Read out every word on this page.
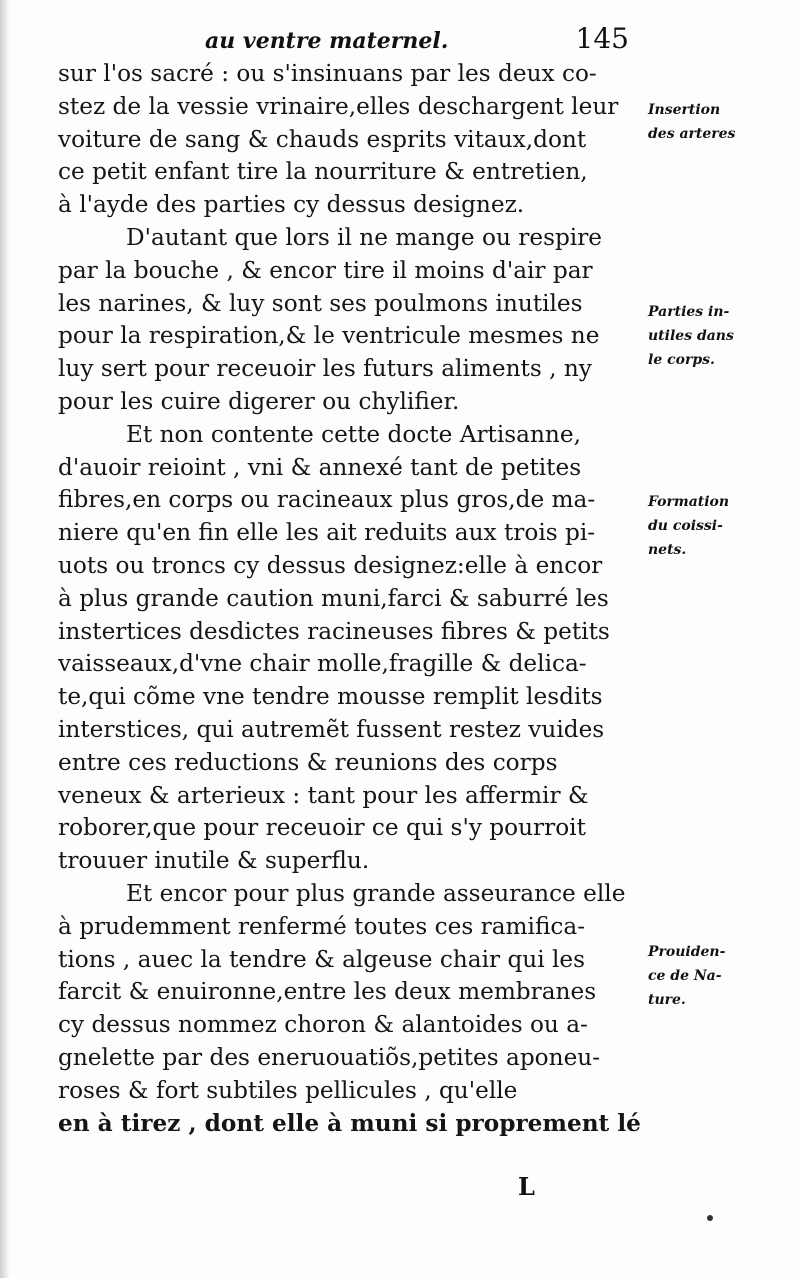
au ventre maternel.	145
sur l'os sacré : ou s'insinuans par les deux co-
stez de la vessie vrinaire,elles deschargent leur
voiture de sang & chauds esprits vitaux,dont
ce petit enfant tire la nourriture & entretien,
à l'ayde des parties cy dessus designez.
D'autant que lors il ne mange ou respire
par la bouche , & encor tire il moins d'air par
les narines, & luy sont ses poulmons inutiles
pour la respiration,& le ventricule mesmes ne
luy sert pour receuoir les futurs aliments , ny
pour les cuire digerer ou chylifier.
Et non contente cette docte Artisanne,
d'auoir reioint , vni & annexé tant de petites
fibres,en corps ou racineaux plus gros,de ma-
niere qu'en fin elle les ait reduits aux trois pi-
uots ou troncs cy dessus designez:elle à encor
à plus grande caution muni,farci & saburré les
instertices desdictes racineuses fibres & petits
vaisseaux,d'vne chair molle,fragille & delica-
te,qui cõme vne tendre mousse remplit lesdits
interstices, qui autremẽt fussent restez vuides
entre ces reductions & reunions des corps
veneux & arterieux : tant pour les affermir &
roborer,que pour receuoir ce qui s'y pourroit
trouuer inutile & superflu.
Et encor pour plus grande asseurance elle
à prudemment renfermé toutes ces ramifica-
tions , auec la tendre & algeuse chair qui les
farcit & enuironne,entre les deux membranes
cy dessus nommez choron & alantoides ou a-
gnelette par des eneruouatiõs,petites aponeu-
roses & fort subtiles pellicules , qu'elle
en à tirez , dont elle à muni si proprement lé
Insertion
des arteres
Parties in-
utiles dans
le corps.
Formation
du coissi-
nets.
Prouiden-
ce de Na-
ture.
L
